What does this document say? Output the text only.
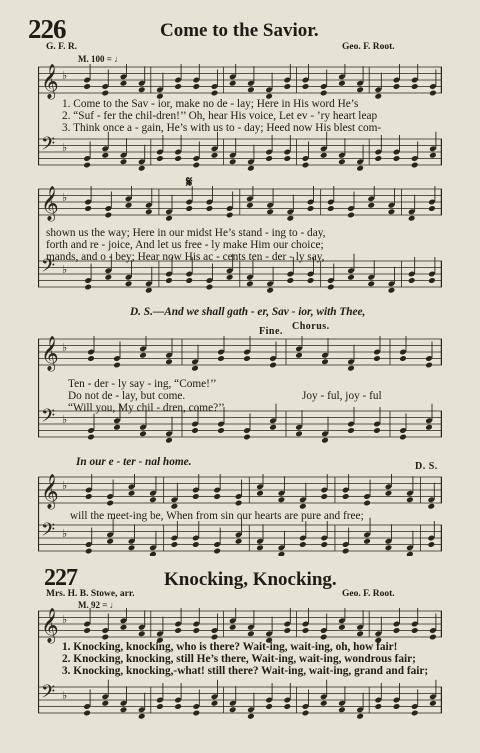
226	Come to the Savior.
G. F. R.	Geo. F. Root.
M. 100 = ♩
𝄞 ♭
𝄢 ♭
1. Come to the Sav - ior, make no de - lay; Here in His word He’s
2. “Suf - fer the chil-dren!’’ Oh, hear His voice, Let ev - ’ry heart leap
3. Think once a - gain, He’s with us to - day; Heed now His blest com-
𝄋
𝄞 ♭
𝄢 ♭
shown us the way; Here in our midst He’s stand - ing to - day,
forth and re - joice, And let us free - ly make Him our choice;
mands, and o - bey; Hear now His ac - cents ten - der - ly say,
D. S.—And we shall gath - er, Sav - ior, with Thee,
Fine. Chorus.
𝄞 ♭
𝄢 ♭
Ten - der - ly say - ing, “Come!’’
Do not de - lay, but come.
“Will you, My chil - dren, come?’’
Joy - ful, joy - ful
In our e - ter - nal home.	D. S.
𝄞 ♭
𝄢 ♭
will the meet-ing be, When from sin our hearts are pure and free;
227	Knocking, Knocking.
Mrs. H. B. Stowe, arr.	Geo. F. Root.
M. 92 = ♩
𝄞 ♭
𝄢 ♭
1. Knocking, knocking, who is there? Wait-ing, wait-ing, oh, how fair!
2. Knocking, knocking, still He’s there, Wait-ing, wait-ing, wondrous fair;
3. Knocking, knocking,-what! still there? Wait-ing, wait-ing, grand and fair;
